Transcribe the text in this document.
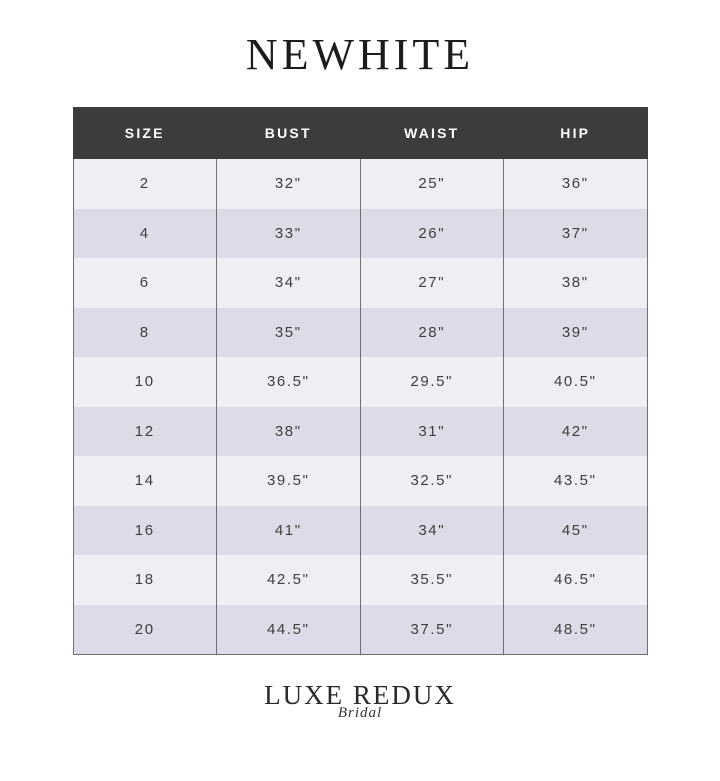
NEWHITE
SIZE	BUST	WAIST	HIP
2	32"	25"	36"
4	33"	26"	37"
6	34"	27"	38"
8	35"	28"	39"
10	36.5"	29.5"	40.5"
12	38"	31"	42"
14	39.5"	32.5"	43.5"
16	41"	34"	45"
18	42.5"	35.5"	46.5"
20	44.5"	37.5"	48.5"
LUXE REDUX
Bridal
